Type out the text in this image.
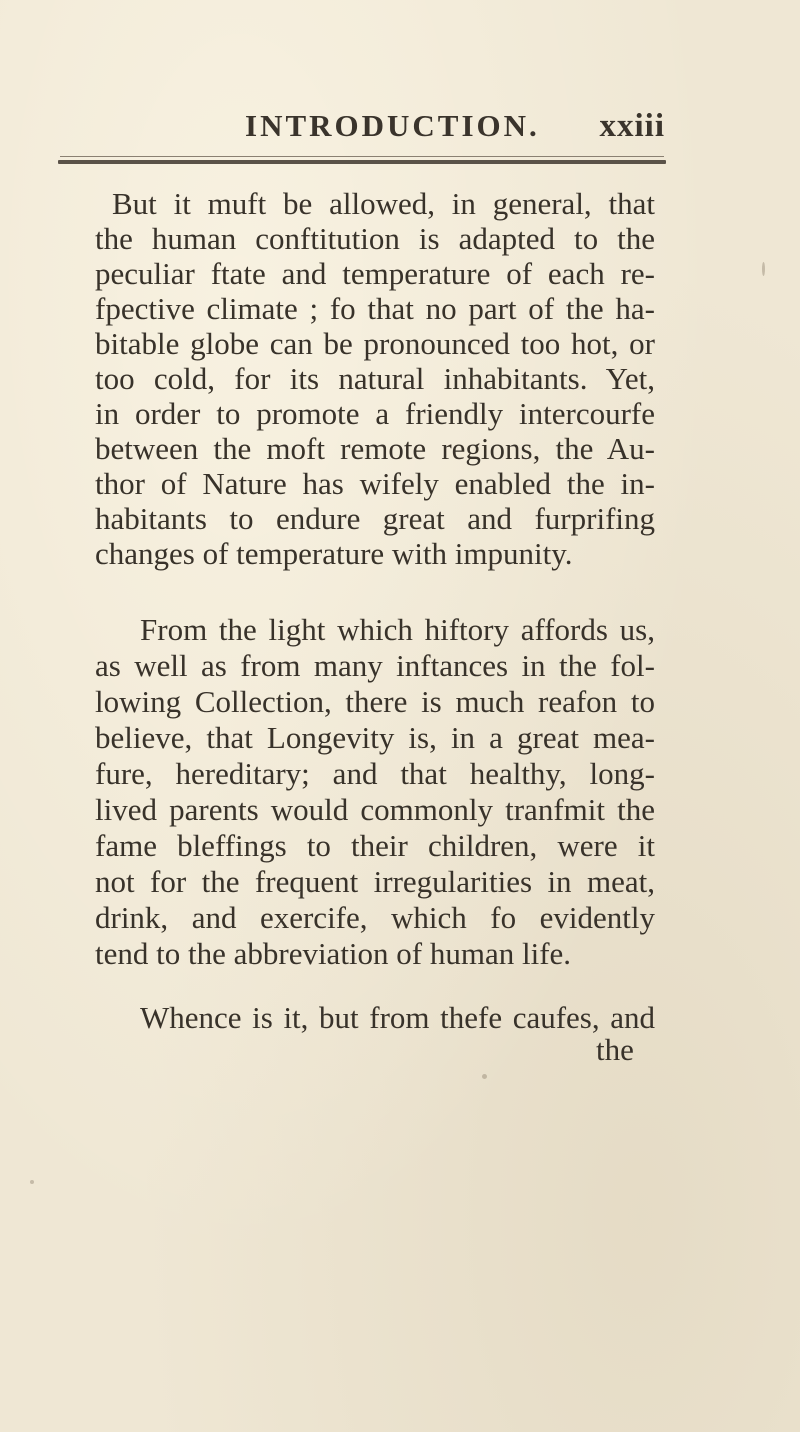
INTRODUCTION. xxiii
But it muft be allowed, in general, that
the human conftitution is adapted to the
peculiar ftate and temperature of each re-
fpective climate ; fo that no part of the ha-
bitable globe can be pronounced too hot, or
too cold, for its natural inhabitants. Yet,
in order to promote a friendly intercourfe
between the moft remote regions, the Au-
thor of Nature has wifely enabled the in-
habitants to endure great and furprifing
changes of temperature with impunity.
From the light which hiftory affords us,
as well as from many inftances in the fol-
lowing Collection, there is much reafon to
believe, that Longevity is, in a great mea-
fure, hereditary; and that healthy, long-
lived parents would commonly tranfmit the
fame bleffings to their children, were it
not for the frequent irregularities in meat,
drink, and exercife, which fo evidently
tend to the abbreviation of human life.
Whence is it, but from thefe caufes, and
the
